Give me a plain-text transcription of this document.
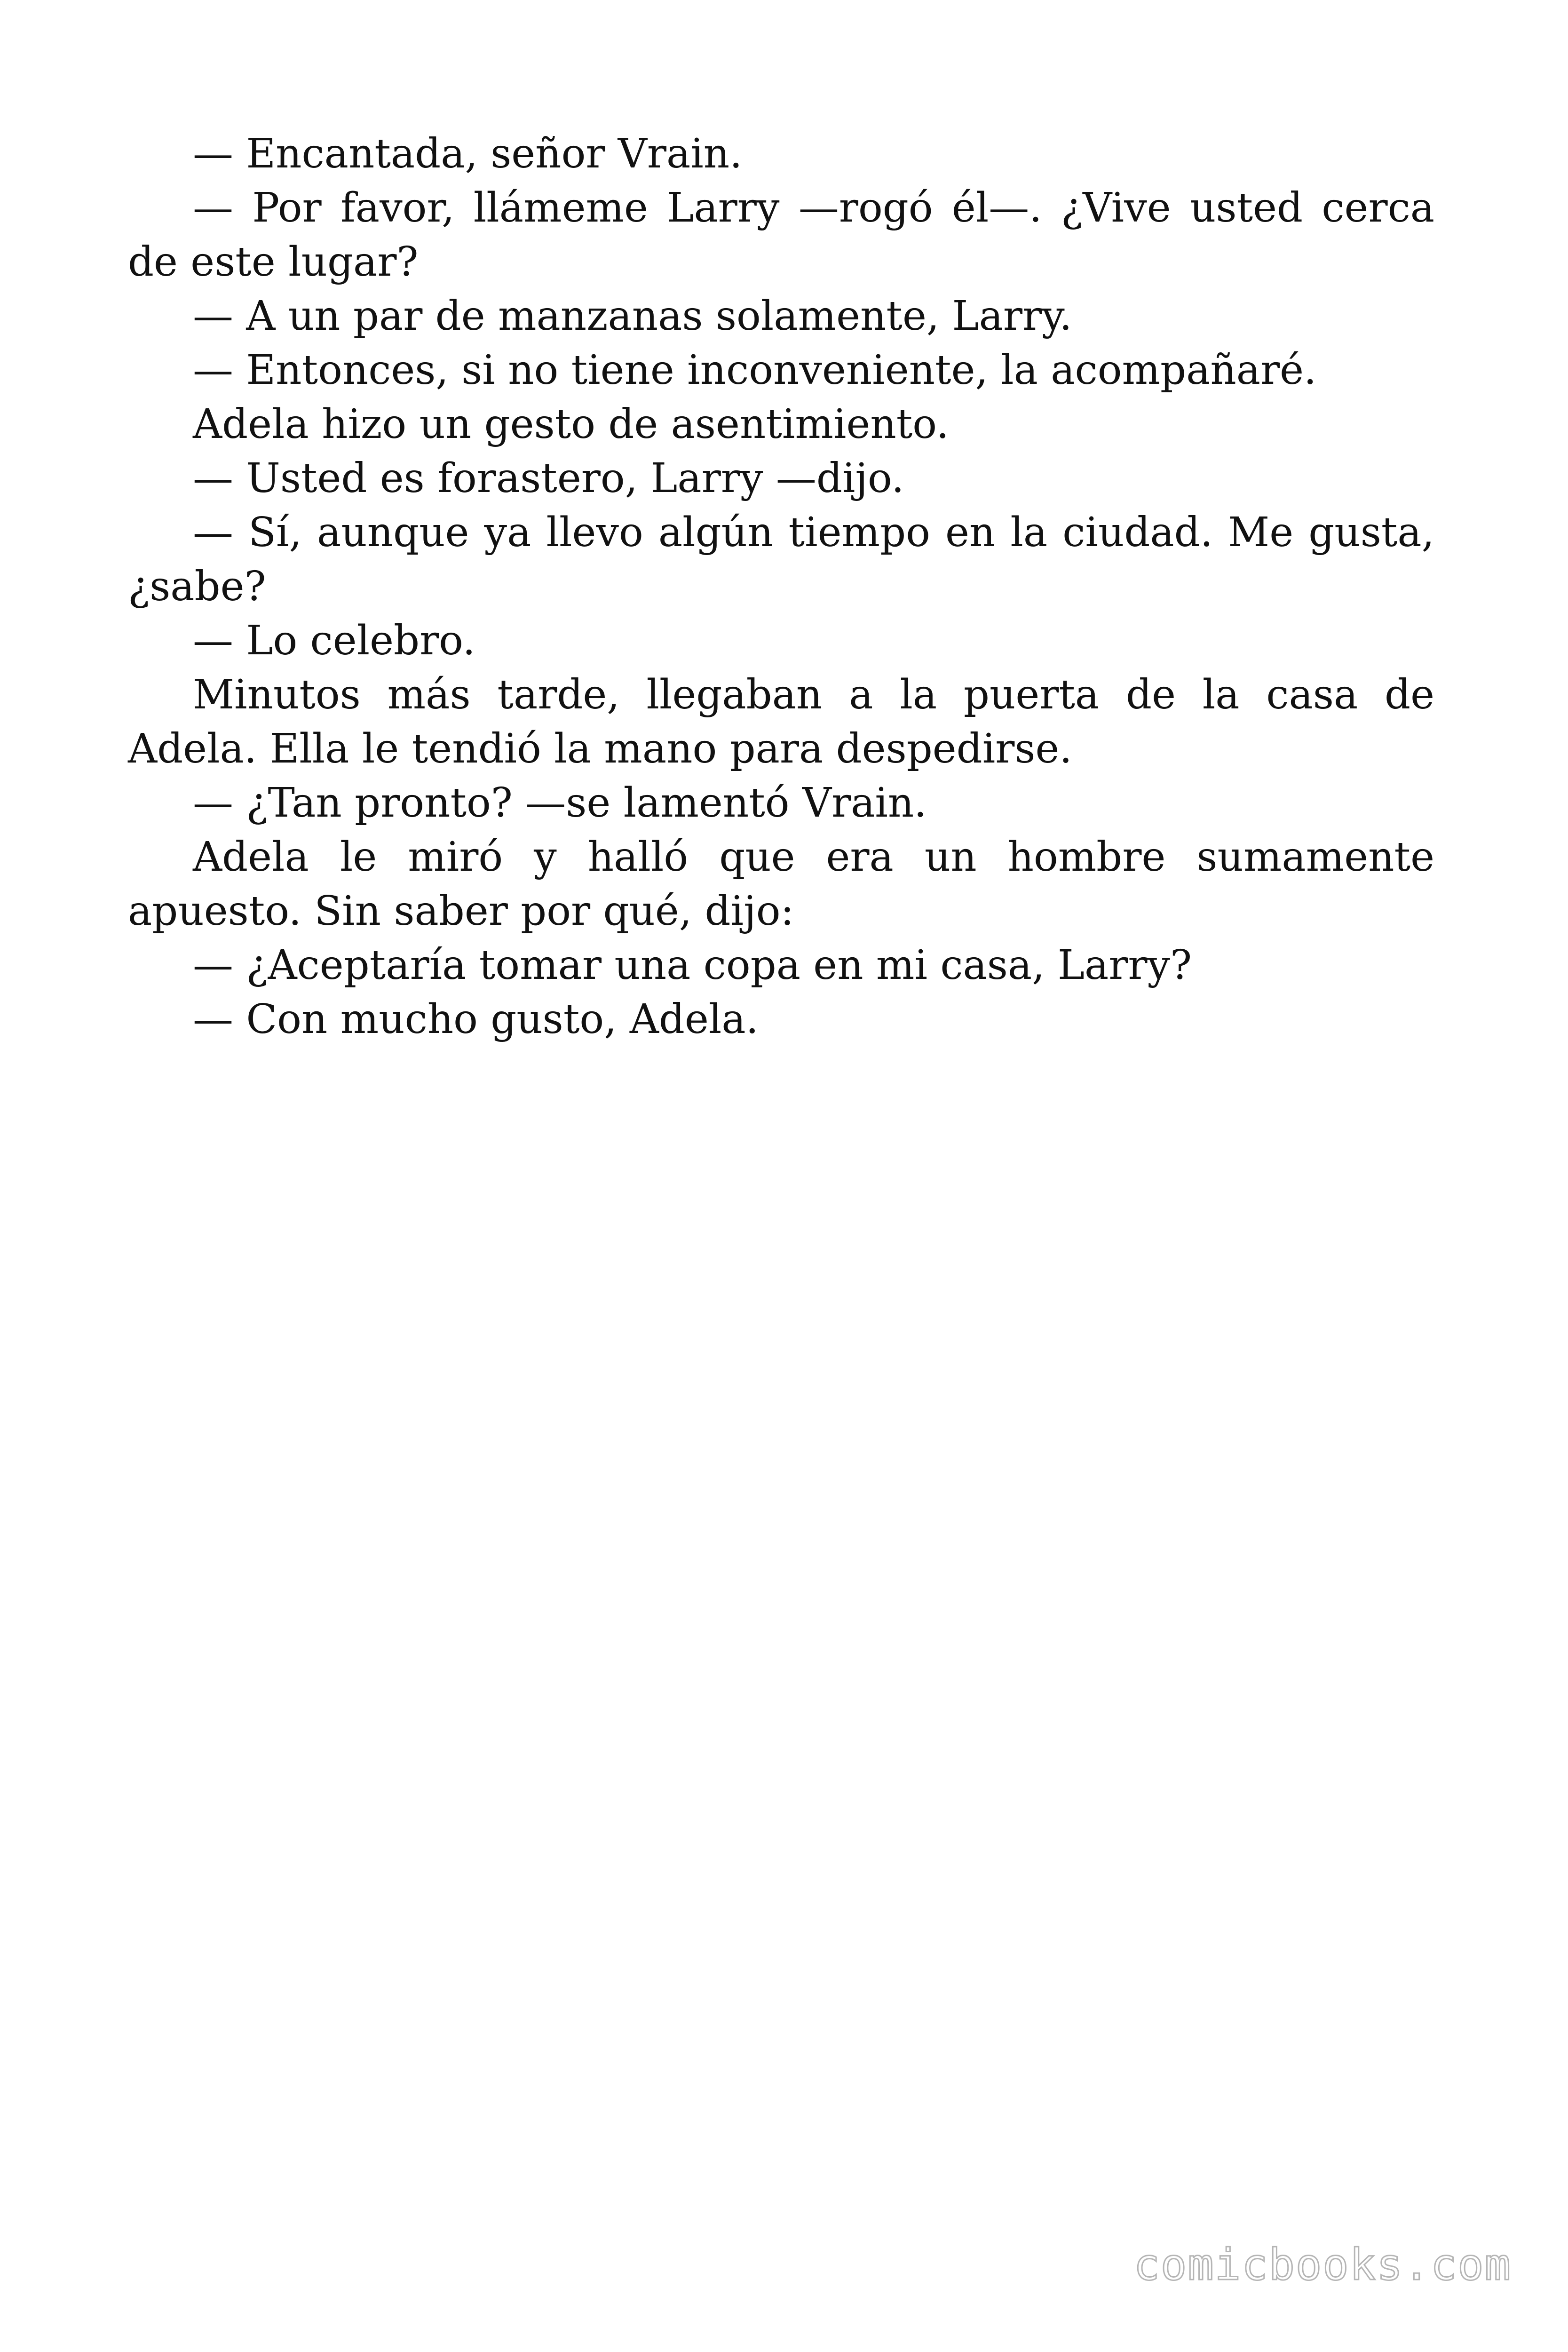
— Encantada, señor Vrain.

— Por favor, llámeme Larry —rogó él—. ¿Vive usted cerca de este lugar?

— A un par de manzanas solamente, Larry.

— Entonces, si no tiene inconveniente, la acompañaré.

Adela hizo un gesto de asentimiento.

— Usted es forastero, Larry —dijo.

— Sí, aunque ya llevo algún tiempo en la ciudad. Me gusta, ¿sabe?

— Lo celebro.

Minutos más tarde, llegaban a la puerta de la casa de Adela. Ella le tendió la mano para despedirse.

— ¿Tan pronto? —se lamentó Vrain.

Adela le miró y halló que era un hombre sumamente apuesto. Sin saber por qué, dijo:

— ¿Aceptaría tomar una copa en mi casa, Larry?

— Con mucho gusto, Adela.

comicbooks.com
